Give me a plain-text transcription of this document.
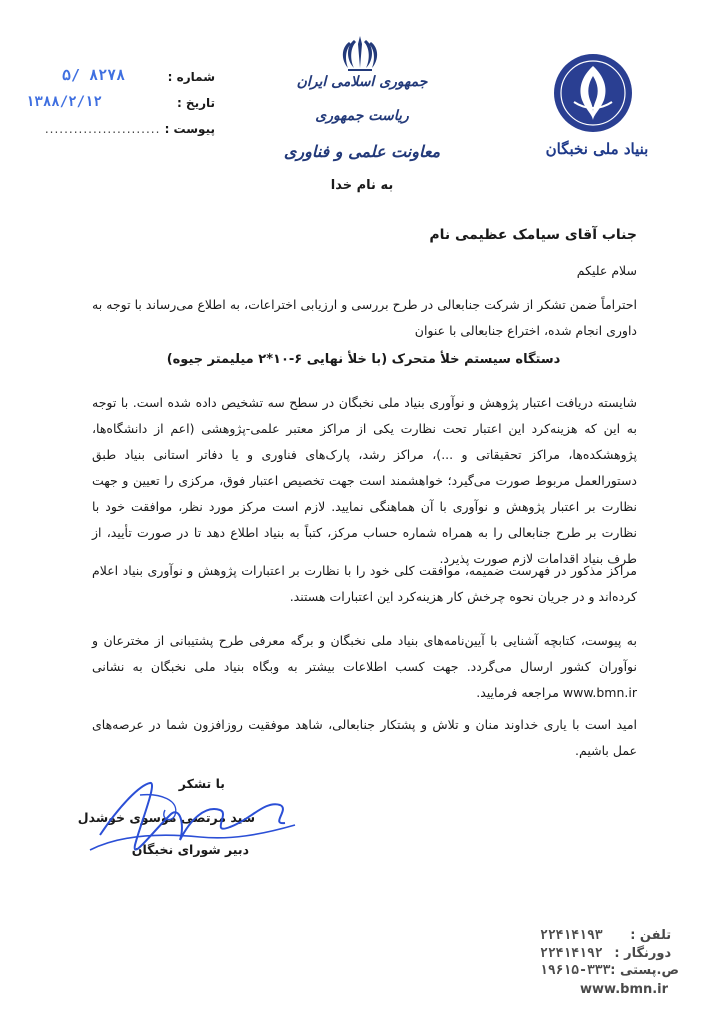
بنیاد ملی نخبگان
جمهوری اسلامی ایران
ریاست جمهوری
معاونت علمی و فناوری
به نام خدا
شماره :
۵/ ۸۲۷۸
تاریخ :
۱۳۸۸/۲/۱۲
پیوست : ........................
جناب آقای سیامک عظیمی نام
سلام علیکم
احتراماً ضمن تشکر از شرکت جنابعالی در طرح بررسی و ارزیابی اختراعات، به اطلاع می‌رساند با توجه به داوری انجام شده، اختراع جنابعالی با عنوان
دستگاه سیستم خلأ متحرک (با خلأ نهایی ۶-۱۰*۲ میلیمتر جیوه)
شایسته دریافت اعتبار پژوهش و نوآوری بنیاد ملی نخبگان در سطح سه تشخیص داده شده است. با توجه به این که هزینه‌کرد این اعتبار تحت نظارت یکی از مراکز معتبر علمی-پژوهشی (اعم از دانشگاه‌ها، پژوهشکده‌ها، مراکز تحقیقاتی و ...)، مراکز رشد، پارک‌های فناوری و یا دفاتر استانی بنیاد طبق دستورالعمل مربوط صورت می‌گیرد؛ خواهشمند است جهت تخصیص اعتبار فوق، مرکزی را تعیین و جهت نظارت بر اعتبار پژوهش و نوآوری با آن هماهنگی نمایید. لازم است مرکز مورد نظر، موافقت خود با نظارت بر طرح جنابعالی را به همراه شماره حساب مرکز، کتباً به بنیاد اطلاع دهد تا در صورت تأیید، از طرف بنیاد اقدامات لازم صورت پذیرد.
مراکز مذکور در فهرست ضمیمه، موافقت کلی خود را با نظارت بر اعتبارات پژوهش و نوآوری بنیاد اعلام کرده‌اند و در جریان نحوه چرخش کار هزینه‌کرد این اعتبارات هستند.
به پیوست، کتابچه آشنایی با آیین‌نامه‌های بنیاد ملی نخبگان و برگه معرفی طرح پشتیبانی از مخترعان و نوآوران کشور ارسال می‌گردد. جهت کسب اطلاعات بیشتر به وبگاه بنیاد ملی نخبگان به نشانی www.bmn.ir مراجعه فرمایید.
امید است با یاری خداوند منان و تلاش و پشتکار جنابعالی، شاهد موفقیت روزافزون شما در عرصه‌های عمل باشیم.
با تشکر
سید مرتضی موسوی خوشدل
دبیر شورای نخبگان
تلفن : ۲۲۴۱۴۱۹۳
دورنگار : ۲۲۴۱۴۱۹۲
ص.پستی : ۱۹۶۱۵-۳۳۳
www.bmn.ir
